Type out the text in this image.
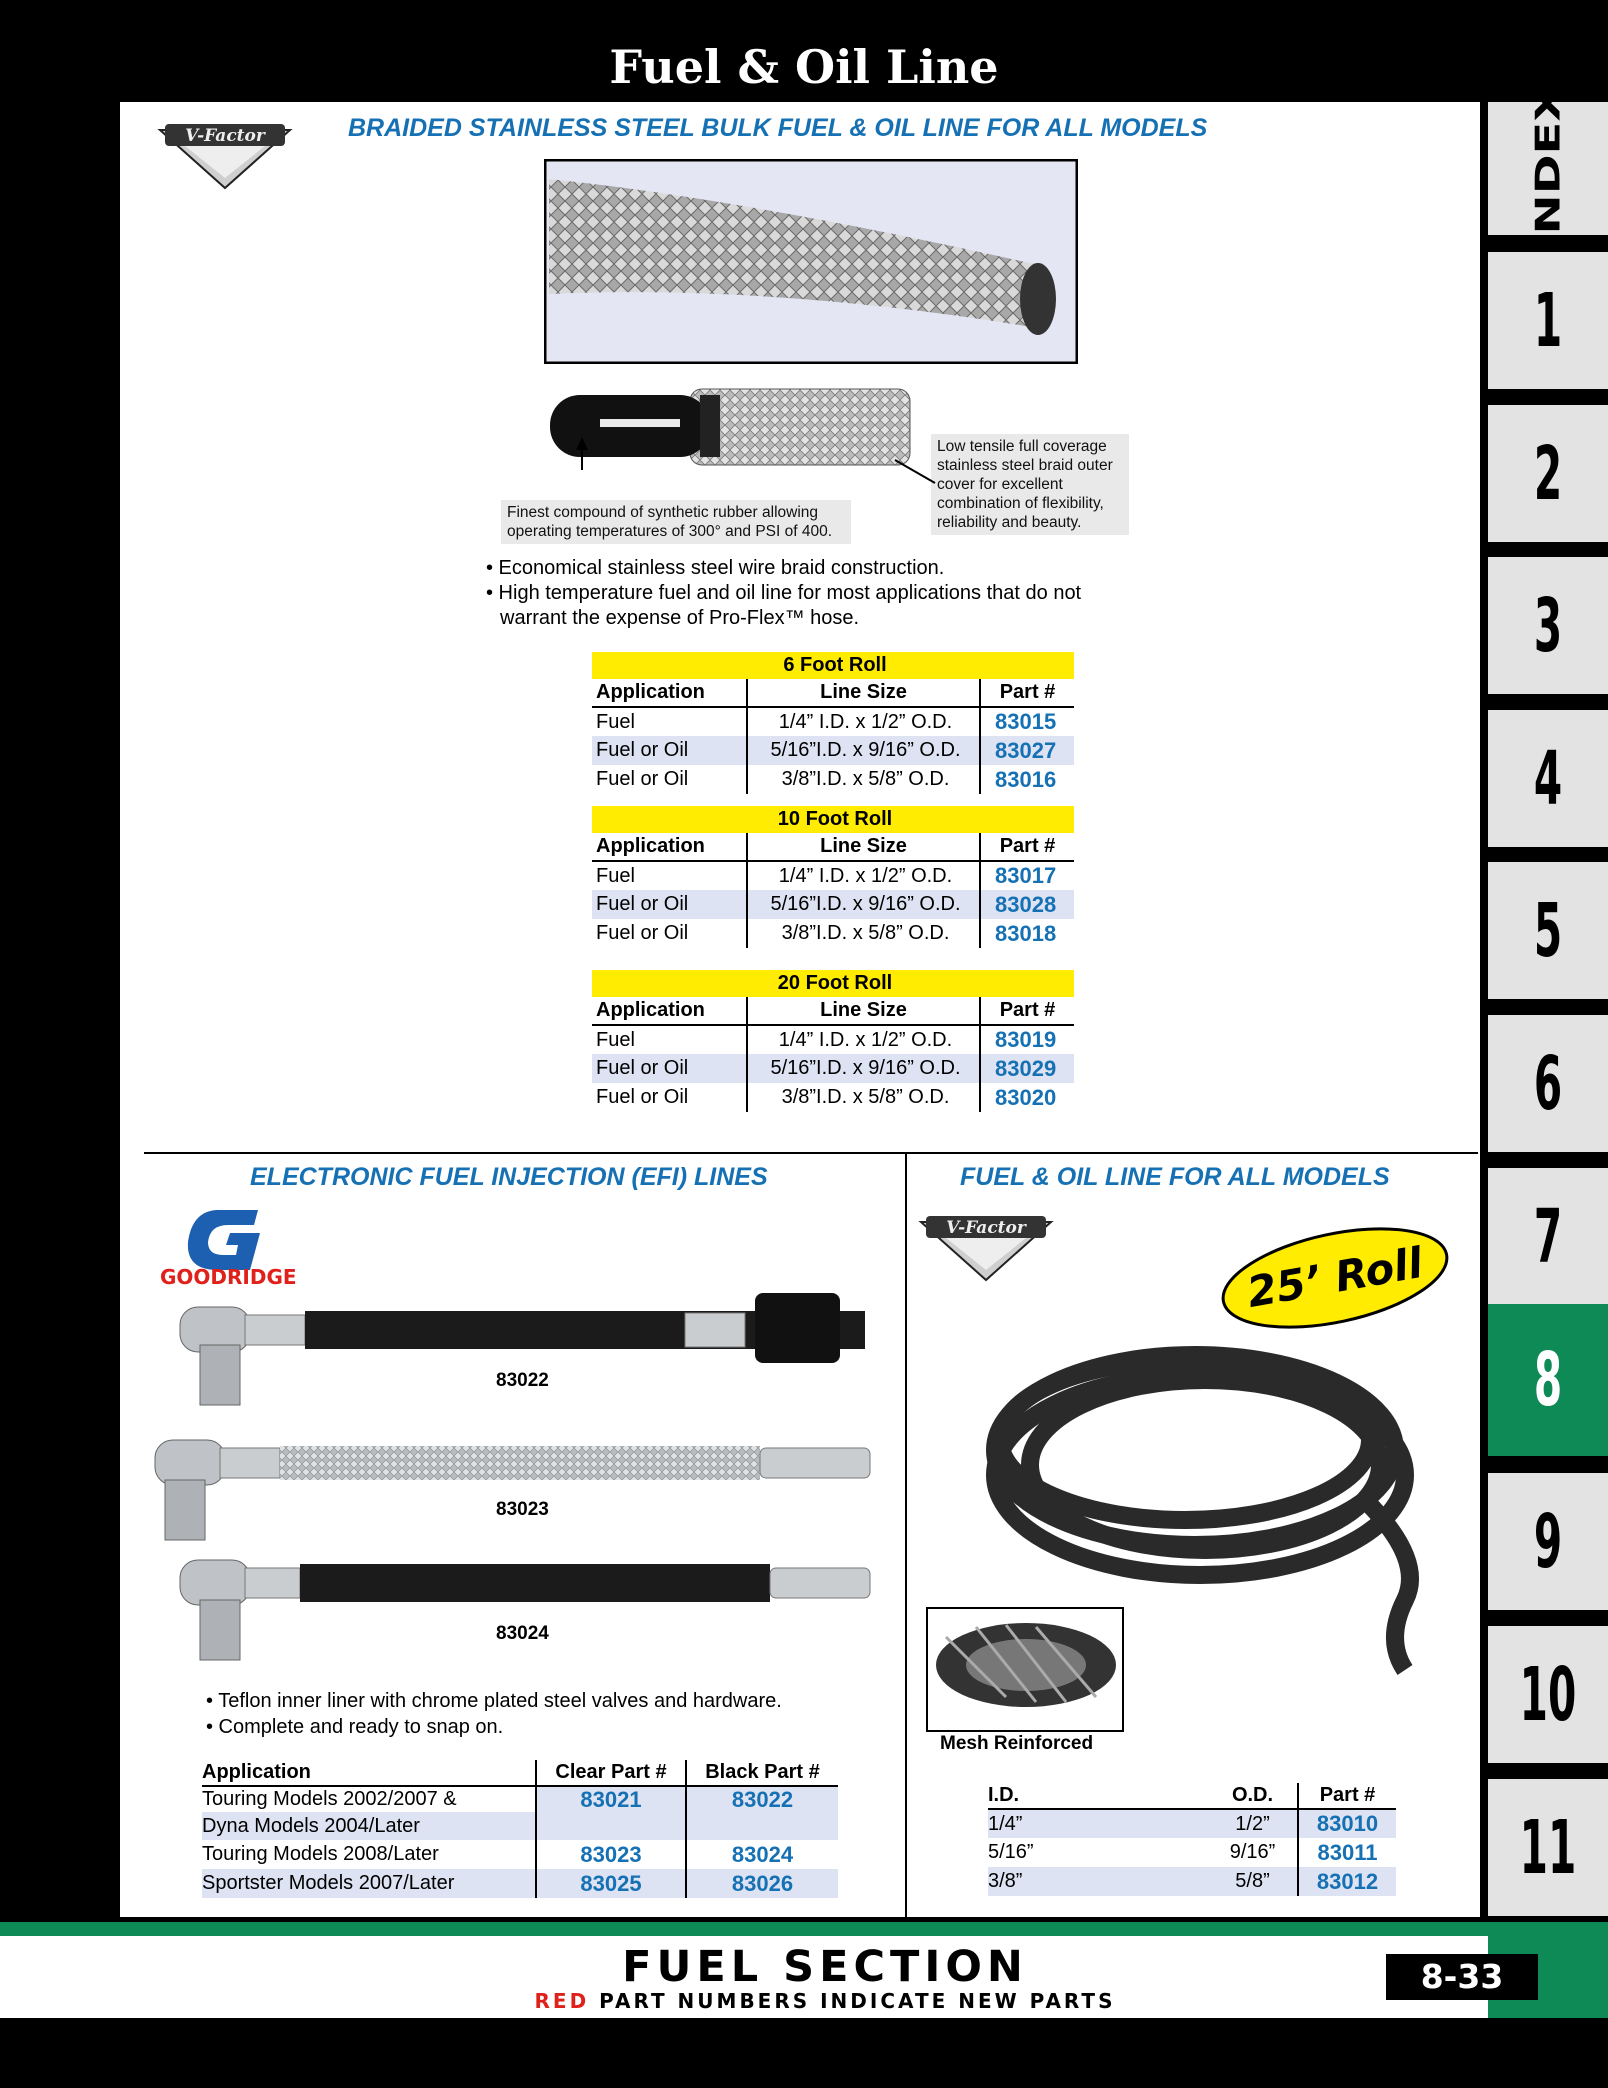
Fuel & Oil Line
INDEX
1
2
3
4
5
6
7
8
9
10
11
V-Factor	BRAIDED STAINLESS STEEL BULK FUEL & OIL LINE FOR ALL MODELS
Finest compound of synthetic rubber allowing operating temperatures of 300° and PSI of 400.
Low tensile full coverage stainless steel braid outer cover for excellent combination of flexibility, reliability and beauty.
• Economical stainless steel wire braid construction.
• High temperature fuel and oil line for most applications that do not
warrant the expense of Pro-Flex™ hose.
6 Foot Roll		
Application	Line Size	Part #
Fuel	1/4” I.D. x 1/2” O.D.	83015
Fuel or Oil	5/16”I.D. x 9/16” O.D.	83027
Fuel or Oil	3/8”I.D. x 5/8” O.D.	83016
10 Foot Roll		
Application	Line Size	Part #
Fuel	1/4” I.D. x 1/2” O.D.	83017
Fuel or Oil	5/16”I.D. x 9/16” O.D.	83028
Fuel or Oil	3/8”I.D. x 5/8” O.D.	83018
20 Foot Roll		
Application	Line Size	Part #
Fuel	1/4” I.D. x 1/2” O.D.	83019
Fuel or Oil	5/16”I.D. x 9/16” O.D.	83029
Fuel or Oil	3/8”I.D. x 5/8” O.D.	83020
ELECTRONIC FUEL INJECTION (EFI) LINES
GOODRIDGE
83022
83023
83024
• Teflon inner liner with chrome plated steel valves and hardware.
• Complete and ready to snap on.
Application	Clear Part #	Black Part #
Touring Models 2002/2007 &	83021	83022
Dyna Models 2004/Later		
Touring Models 2008/Later	83023	83024
Sportster Models 2007/Later	83025	83026
FUEL & OIL LINE FOR ALL MODELS
V-Factor
25’ Roll
Mesh Reinforced
I.D.	O.D.	Part #
1/4”	1/2”	83010
5/16”	9/16”	83011
3/8”	5/8”	83012
FUEL SECTION
RED PART NUMBERS INDICATE NEW PARTS
8-33
